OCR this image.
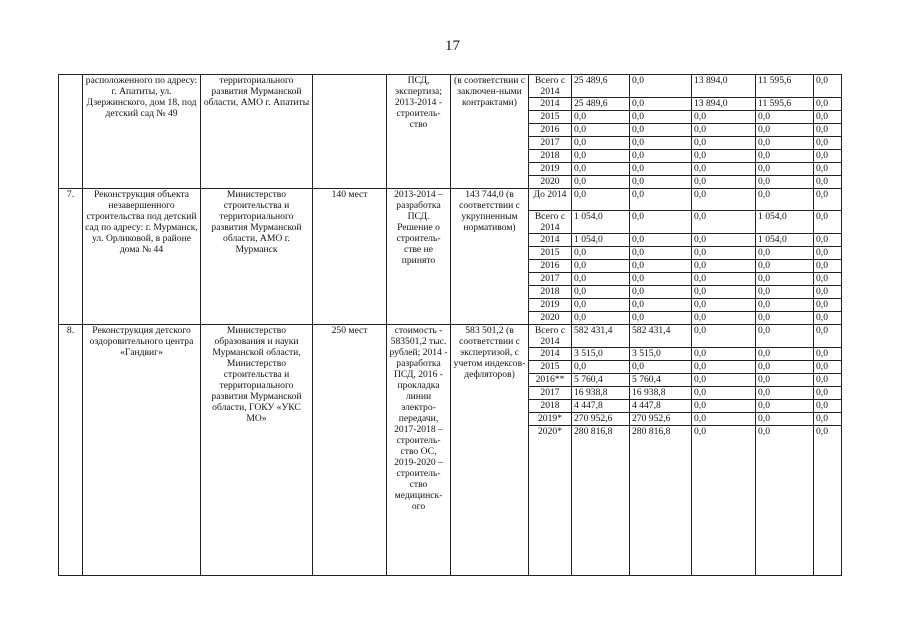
17
	расположенного по адресу: г. Апатиты, ул. Дзержинского, дом 18, под детский сад № 49	территориального развития Мурманской области, АМО г. Апатиты		ПСД, экспертиза; 2013-2014 - строитель-ство	(в соответствии с заключен-ными контрактами)	Всего с 2014	25 489,6	0,0	13 894,0	11 595,6	0,0
						2014	25 489,6	0,0	13 894,0	11 595,6	0,0
						2015	0,0	0,0	0,0	0,0	0,0
						2016	0,0	0,0	0,0	0,0	0,0
						2017	0,0	0,0	0,0	0,0	0,0
						2018	0,0	0,0	0,0	0,0	0,0
						2019	0,0	0,0	0,0	0,0	0,0
						2020	0,0	0,0	0,0	0,0	0,0
7.	Реконструкция объекта незавершенного строительства под детский сад по адресу: г. Мурманск, ул. Орликовой, в районе дома № 44	Министерство строительства и территориального развития Мурманской области, АМО г. Мурманск	140 мест	2013-2014 – разработка ПСД. Решение о строитель-стве не принято	143 744,0 (в соответствии с укрупненным нормативом)	До 2014	0,0	0,0	0,0	0,0	0,0
						Всего с 2014	1 054,0	0,0	0,0	1 054,0	0,0
						2014	1 054,0	0,0	0,0	1 054,0	0,0
						2015	0,0	0,0	0,0	0,0	0,0
						2016	0,0	0,0	0,0	0,0	0,0
						2017	0,0	0,0	0,0	0,0	0,0
						2018	0,0	0,0	0,0	0,0	0,0
						2019	0,0	0,0	0,0	0,0	0,0
						2020	0,0	0,0	0,0	0,0	0,0
8.	Реконструкция детского оздоровительного центра «Гандвиг»	Министерство образования и науки Мурманской области, Министерство строительства и территориального развития Мурманской области, ГОКУ «УКС МО»	250 мест	стоимость - 583501,2 тыс. рублей; 2014 - разработка ПСД, 2016 - прокладка линии электро-передачи, 2017-2018 – строитель-ство ОС, 2019-2020 – строитель-ство медицинск-ого	583 501,2 (в соответствии с экспертизой, с учетом индексов-дефляторов)	Всего с 2014	582 431,4	582 431,4	0,0	0,0	0,0
						2014	3 515,0	3 515,0	0,0	0,0	0,0
						2015	0,0	0,0	0,0	0,0	0,0
						2016**	5 760,4	5 760,4	0,0	0,0	0,0
						2017	16 938,8	16 938,8	0,0	0,0	0,0
						2018	4 447,8	4 447,8	0,0	0,0	0,0
						2019*	270 952,6	270 952,6	0,0	0,0	0,0
						2020*	280 816,8	280 816,8	0,0	0,0	0,0
